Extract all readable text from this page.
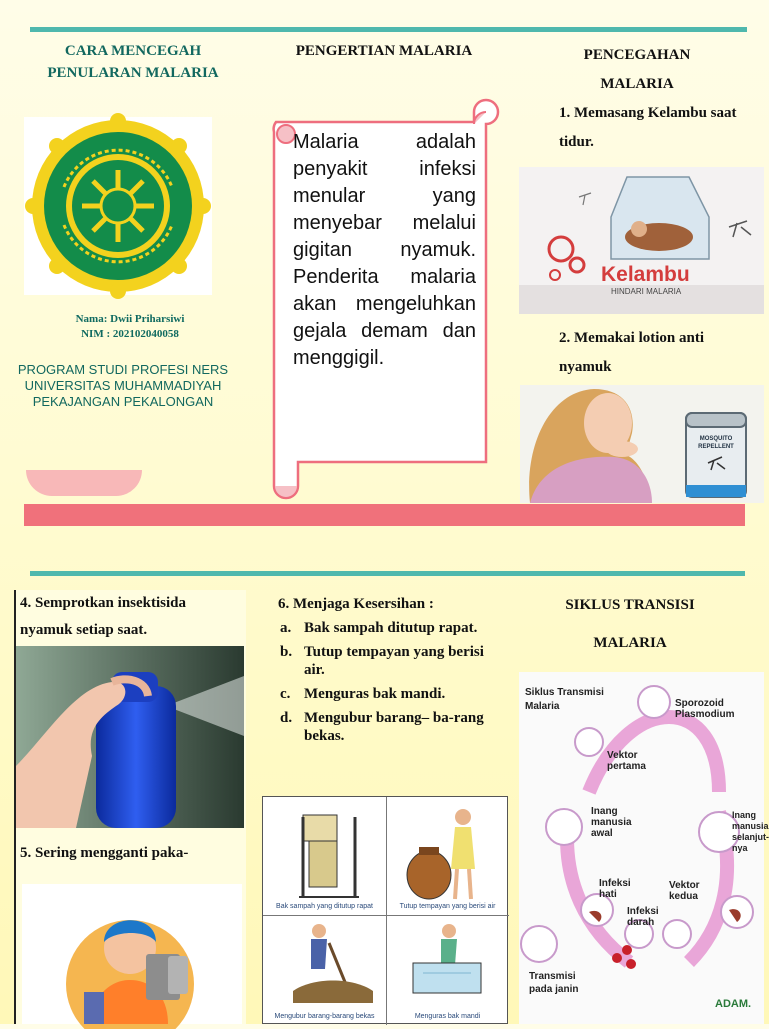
CARA MENCEGAH PENULARAN MALARIA
Nama: Dwii Priharsiwi
NIM : 202102040058
PROGRAM STUDI PROFESI NERS UNIVERSITAS MUHAMMADIYAH PEKAJANGAN PEKALONGAN
PENGERTIAN MALARIA
Malaria adalah penyakit infeksi menular yang menyebar melalui gigitan nyamuk. Penderita malaria akan mengeluhkan gejala demam dan menggigil.
PENCEGAHAN MALARIA
1. Memasang Kelambu saat tidur.
Kelambu
HINDARI MALARIA
2. Memakai lotion anti nyamuk
MOSQUITO REPELLENT
4. Semprotkan insektisida nyamuk setiap saat.
5. Sering mengganti paka-
6. Menjaga Kesersihan :
a. Bak sampah ditutup rapat.
b. Tutup tempayan yang berisi air.
c. Menguras bak mandi.
d. Mengubur barang– ba-rang bekas.
Bak sampah yang ditutup rapat	Tutup tempayan yang berisi air
Mengubur barang-barang bekas	Menguras bak mandi
SIKLUS TRANSISI MALARIA
Siklus Transmisi Malaria	Sporozoid Plasmodium
Vektor pertama
Inang manusia awal
Inang manusia selanjut-nya
Infeksi hati
Infeksi darah
Vektor kedua
Transmisi pada janin
ADAM.
